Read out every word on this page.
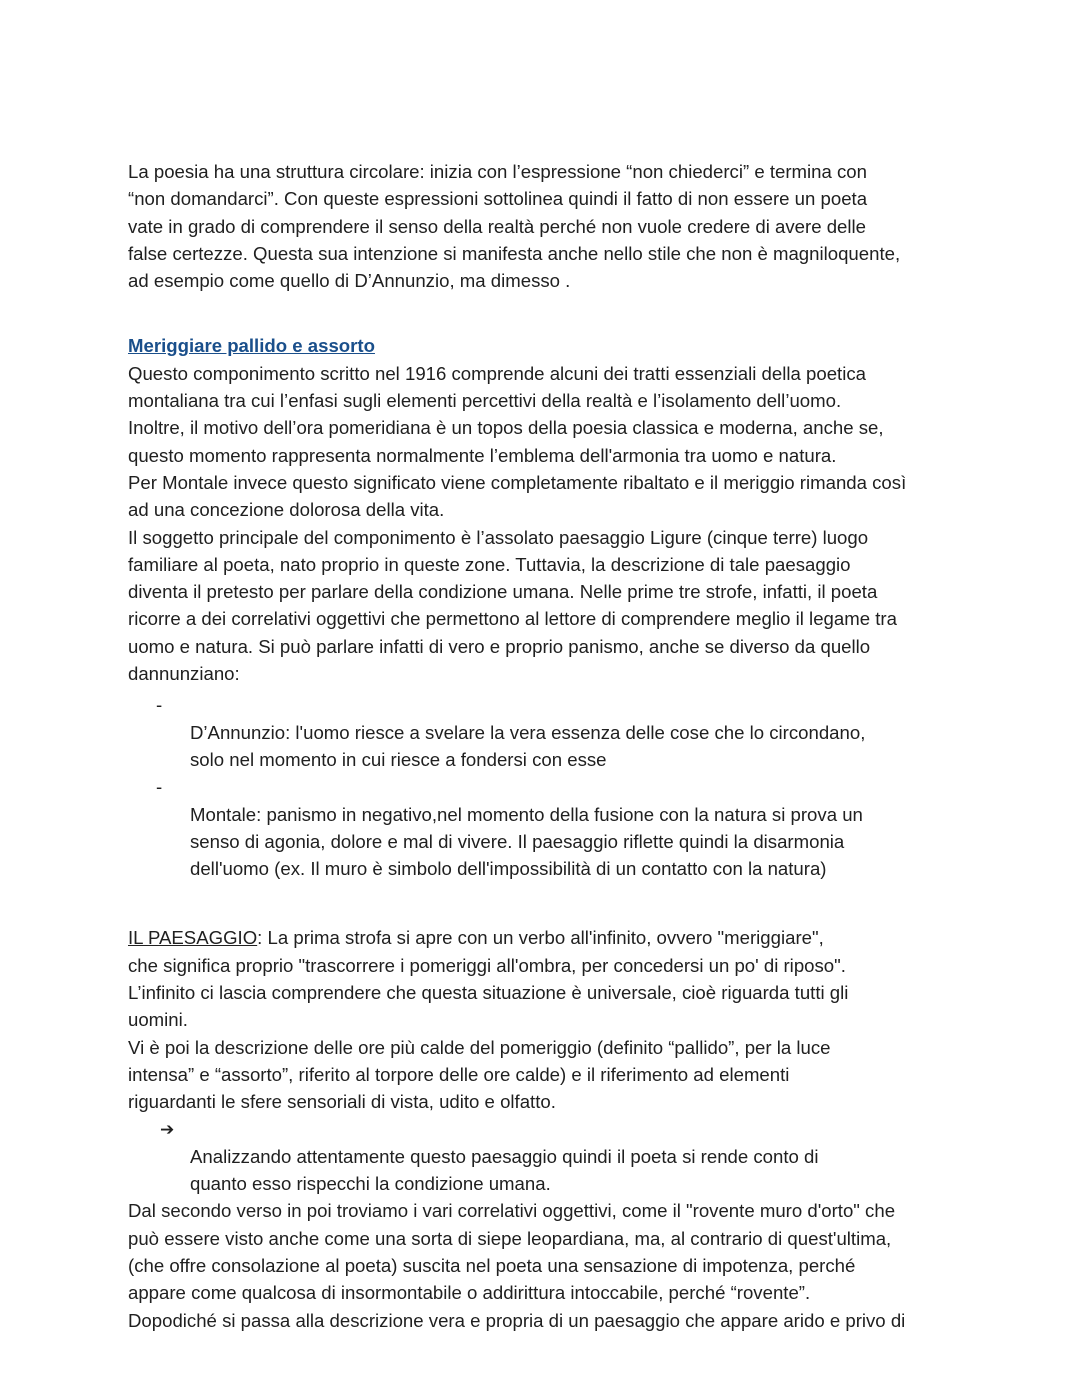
La poesia ha una struttura circolare: inizia con l’espressione “non chiederci” e termina con
“non domandarci”. Con queste espressioni sottolinea quindi il fatto di non essere un poeta
vate in grado di comprendere il senso della realtà perché non vuole credere di avere delle
false certezze. Questa sua intenzione si manifesta anche nello stile che non è magniloquente,
ad esempio come quello di D’Annunzio, ma dimesso .

Meriggiare pallido e assorto

Questo componimento scritto nel 1916 comprende alcuni dei tratti essenziali della poetica
montaliana tra cui l’enfasi sugli elementi percettivi della realtà e l’isolamento dell’uomo.
Inoltre, il motivo dell’ora pomeridiana è un topos della poesia classica e moderna, anche se,
questo momento rappresenta normalmente l’emblema dell'armonia tra uomo e natura.
Per Montale invece questo significato viene completamente ribaltato e il meriggio rimanda così
ad una concezione dolorosa della vita.
Il soggetto principale del componimento è l’assolato paesaggio Ligure (cinque terre) luogo
familiare al poeta, nato proprio in queste zone. Tuttavia, la descrizione di tale paesaggio
diventa il pretesto per parlare della condizione umana. Nelle prime tre strofe, infatti, il poeta
ricorre a dei correlativi oggettivi che permettono al lettore di comprendere meglio il legame tra
uomo e natura. Si può parlare infatti di vero e proprio panismo, anche se diverso da quello
dannunziano:

-
D’Annunzio: l'uomo riesce a svelare la vera essenza delle cose che lo circondano,
solo nel momento in cui riesce a fondersi con esse

-
Montale: panismo in negativo,nel momento della fusione con la natura si prova un
senso di agonia, dolore e mal di vivere. Il paesaggio riflette quindi la disarmonia
dell'uomo (ex. Il muro è simbolo dell'impossibilità di un contatto con la natura)

IL PAESAGGIO: La prima strofa si apre con un verbo all'infinito, ovvero "meriggiare",
che significa proprio "trascorrere i pomeriggi all'ombra, per concedersi un po' di riposo".
L’infinito ci lascia comprendere che questa situazione è universale, cioè riguarda tutti gli
uomini.
Vi è poi la descrizione delle ore più calde del pomeriggio (definito “pallido”, per la luce
intensa” e “assorto”, riferito al torpore delle ore calde) e il riferimento ad elementi
riguardanti le sfere sensoriali di vista, udito e olfatto.

➔
Analizzando attentamente questo paesaggio quindi il poeta si rende conto di
quanto esso rispecchi la condizione umana.

Dal secondo verso in poi troviamo i vari correlativi oggettivi, come il "rovente muro d'orto" che
può essere visto anche come una sorta di siepe leopardiana, ma, al contrario di quest'ultima,
(che offre consolazione al poeta) suscita nel poeta una sensazione di impotenza, perché
appare come qualcosa di insormontabile o addirittura intoccabile, perché “rovente”.
Dopodiché si passa alla descrizione vera e propria di un paesaggio che appare arido e privo di
